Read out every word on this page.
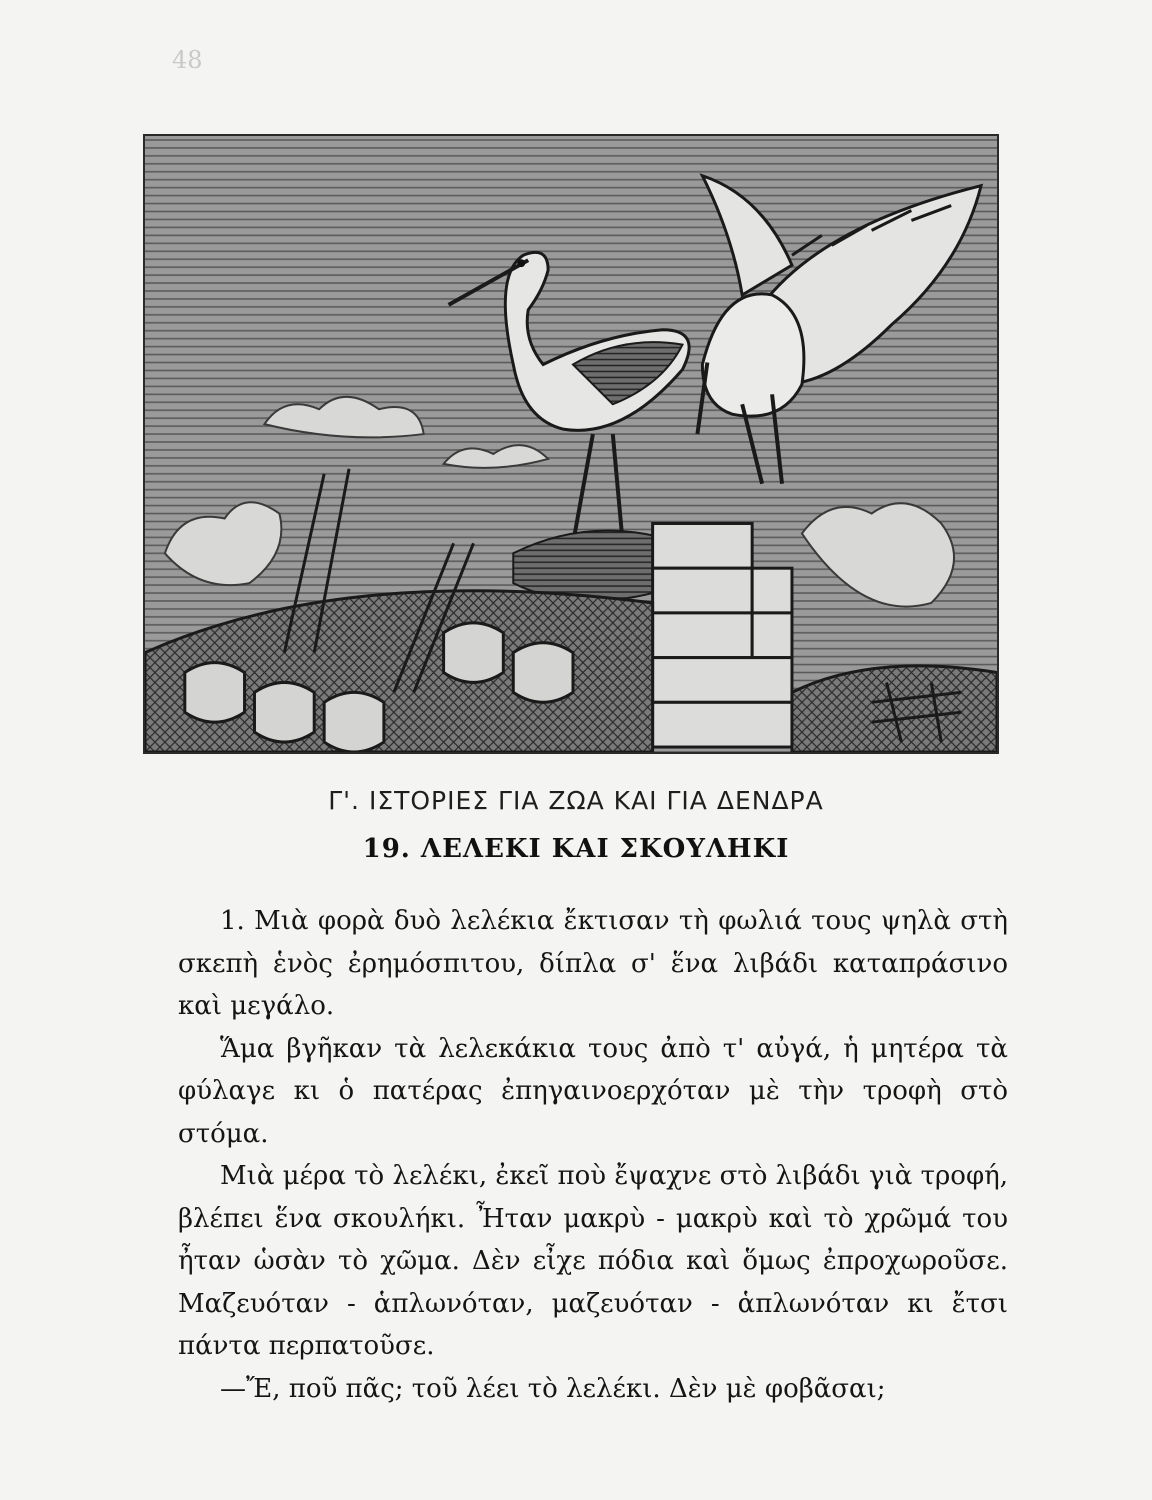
48
Γ'. ΙΣΤΟΡΙΕΣ ΓΙΑ ΖΩΑ ΚΑΙ ΓΙΑ ΔΕΝΔΡΑ
19. ΛΕΛΕΚΙ ΚΑΙ ΣΚΟΥΛΗΚΙ

1. Μιὰ φορὰ δυὸ λελέκια ἔκτισαν τὴ φωλιά τους ψηλὰ στὴ σκεπὴ ἑνὸς ἐρημόσπιτου, δίπλα σ' ἕνα λιβάδι καταπράσινο καὶ μεγάλο.

Ἅμα βγῆκαν τὰ λελεκάκια τους ἀπὸ τ' αὐγά, ἡ μητέρα τὰ φύλαγε κι ὁ πατέρας ἐπηγαινοερχόταν μὲ τὴν τροφὴ στὸ στόμα.

Μιὰ μέρα τὸ λελέκι, ἐκεῖ ποὺ ἔψαχνε στὸ λιβάδι γιὰ τροφή, βλέπει ἕνα σκουλήκι. Ἦταν μακρὺ - μακρὺ καὶ τὸ χρῶμά του ἦταν ὡσὰν τὸ χῶμα. Δὲν εἶχε πόδια καὶ ὅμως ἐπροχωροῦσε. Μαζευόταν - ἁπλωνόταν, μαζευόταν - ἁπλωνόταν κι ἔτσι πάντα περπατοῦσε.

—Ἔ, ποῦ πᾶς; τοῦ λέει τὸ λελέκι. Δὲν μὲ φοβᾶσαι;
